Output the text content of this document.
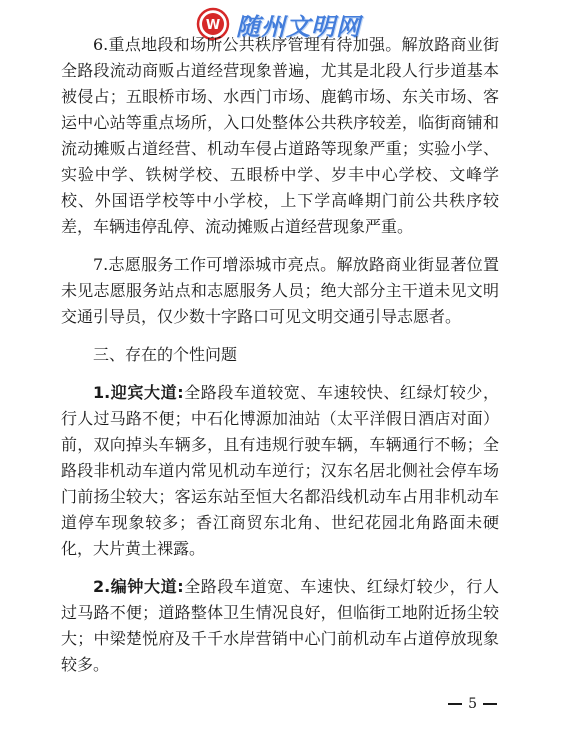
W 随州文明网

6.重点地段和场所公共秩序管理有待加强。解放路商业街全路段流动商贩占道经营现象普遍，尤其是北段人行步道基本被侵占；五眼桥市场、水西门市场、鹿鹤市场、东关市场、客运中心站等重点场所，入口处整体公共秩序较差，临街商铺和流动摊贩占道经营、机动车侵占道路等现象严重；实验小学、实验中学、铁树学校、五眼桥中学、岁丰中心学校、文峰学校、外国语学校等中小学校，上下学高峰期门前公共秩序较差，车辆违停乱停、流动摊贩占道经营现象严重。

7.志愿服务工作可增添城市亮点。解放路商业街显著位置未见志愿服务站点和志愿服务人员；绝大部分主干道未见文明交通引导员，仅少数十字路口可见文明交通引导志愿者。

三、存在的个性问题

1.迎宾大道:全路段车道较宽、车速较快、红绿灯较少，行人过马路不便；中石化博源加油站（太平洋假日酒店对面）前，双向掉头车辆多，且有违规行驶车辆，车辆通行不畅；全路段非机动车道内常见机动车逆行；汉东名居北侧社会停车场门前扬尘较大；客运东站至恒大名都沿线机动车占用非机动车道停车现象较多；香江商贸东北角、世纪花园北角路面未硬化，大片黄土裸露。

2.编钟大道:全路段车道宽、车速快、红绿灯较少，行人过马路不便；道路整体卫生情况良好，但临街工地附近扬尘较大；中梁楚悦府及千千水岸营销中心门前机动车占道停放现象较多。

5
